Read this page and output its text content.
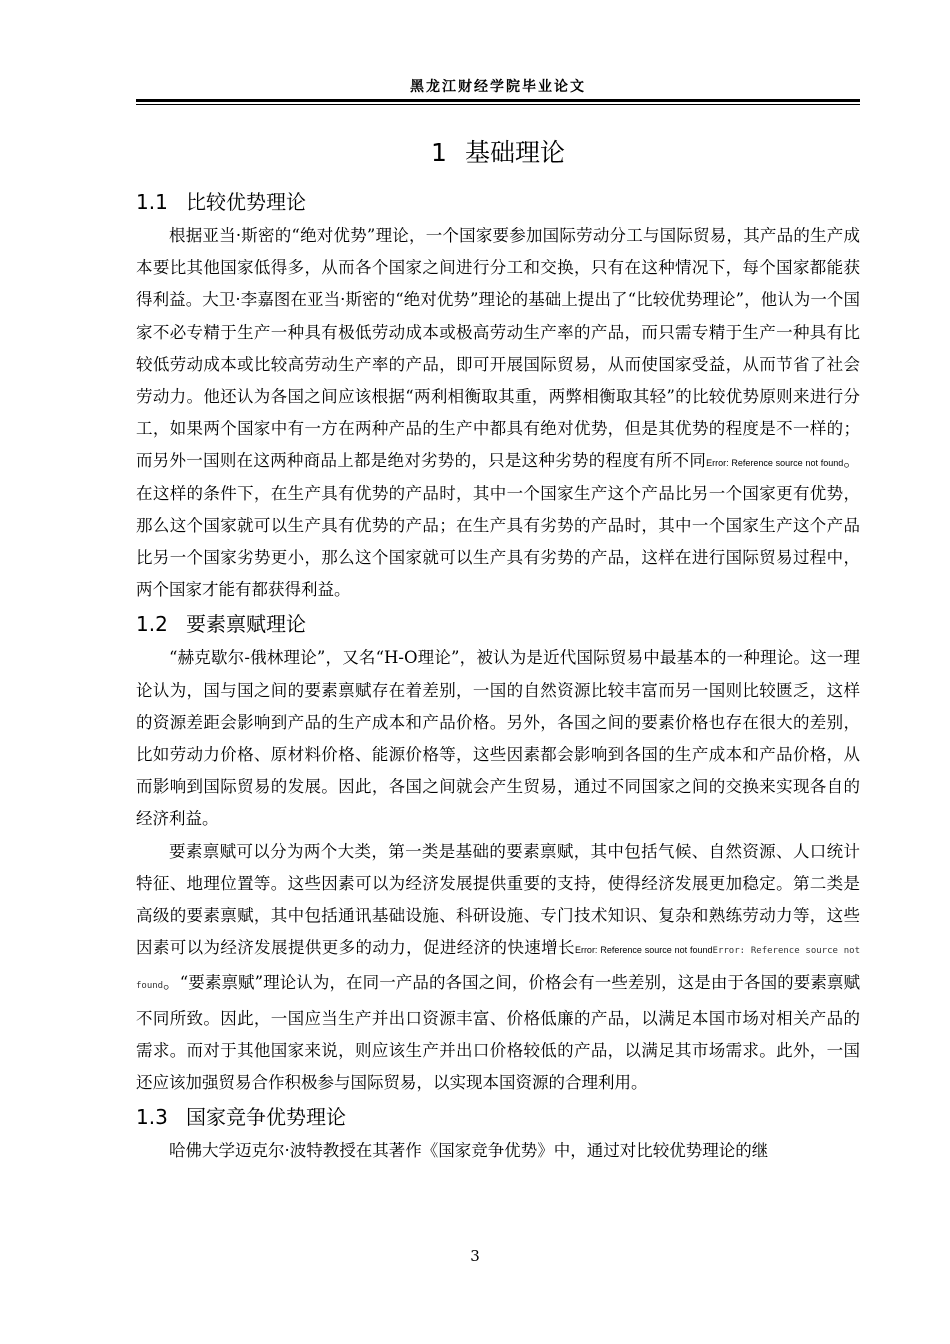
黑龙江财经学院毕业论文
1 基础理论
1.1 比较优势理论

根据亚当·斯密的“绝对优势”理论，一个国家要参加国际劳动分工与国际贸易，其产品的生产成本要比其他国家低得多，从而各个国家之间进行分工和交换，只有在这种情况下，每个国家都能获得利益。大卫·李嘉图在亚当·斯密的“绝对优势”理论的基础上提出了“比较优势理论”，他认为一个国家不必专精于生产一种具有极低劳动成本或极高劳动生产率的产品，而只需专精于生产一种具有比较低劳动成本或比较高劳动生产率的产品，即可开展国际贸易，从而使国家受益，从而节省了社会劳动力。他还认为各国之间应该根据“两利相衡取其重，两弊相衡取其轻”的比较优势原则来进行分工，如果两个国家中有一方在两种产品的生产中都具有绝对优势，但是其优势的程度是不一样的；而另外一国则在这两种商品上都是绝对劣势的，只是这种劣势的程度有所不同Error: Reference source not found。在这样的条件下，在生产具有优势的产品时，其中一个国家生产这个产品比另一个国家更有优势，那么这个国家就可以生产具有优势的产品；在生产具有劣势的产品时，其中一个国家生产这个产品比另一个国家劣势更小，那么这个国家就可以生产具有劣势的产品，这样在进行国际贸易过程中，两个国家才能有都获得利益。

1.2 要素禀赋理论

“赫克歇尔-俄林理论”，又名“H-O理论”，被认为是近代国际贸易中最基本的一种理论。这一理论认为，国与国之间的要素禀赋存在着差别，一国的自然资源比较丰富而另一国则比较匮乏，这样的资源差距会影响到产品的生产成本和产品价格。另外，各国之间的要素价格也存在很大的差别，比如劳动力价格、原材料价格、能源价格等，这些因素都会影响到各国的生产成本和产品价格，从而影响到国际贸易的发展。因此，各国之间就会产生贸易，通过不同国家之间的交换来实现各自的经济利益。

要素禀赋可以分为两个大类，第一类是基础的要素禀赋，其中包括气候、自然资源、人口统计特征、地理位置等。这些因素可以为经济发展提供重要的支持，使得经济发展更加稳定。第二类是高级的要素禀赋，其中包括通讯基础设施、科研设施、专门技术知识、复杂和熟练劳动力等，这些因素可以为经济发展提供更多的动力，促进经济的快速增长Error: Reference source not foundError: Reference source not found。“要素禀赋”理论认为，在同一产品的各国之间，价格会有一些差别，这是由于各国的要素禀赋不同所致。因此，一国应当生产并出口资源丰富、价格低廉的产品，以满足本国市场对相关产品的需求。而对于其他国家来说，则应该生产并出口价格较低的产品，以满足其市场需求。此外，一国还应该加强贸易合作积极参与国际贸易，以实现本国资源的合理利用。

1.3 国家竞争优势理论

哈佛大学迈克尔·波特教授在其著作《国家竞争优势》中，通过对比较优势理论的继

3
